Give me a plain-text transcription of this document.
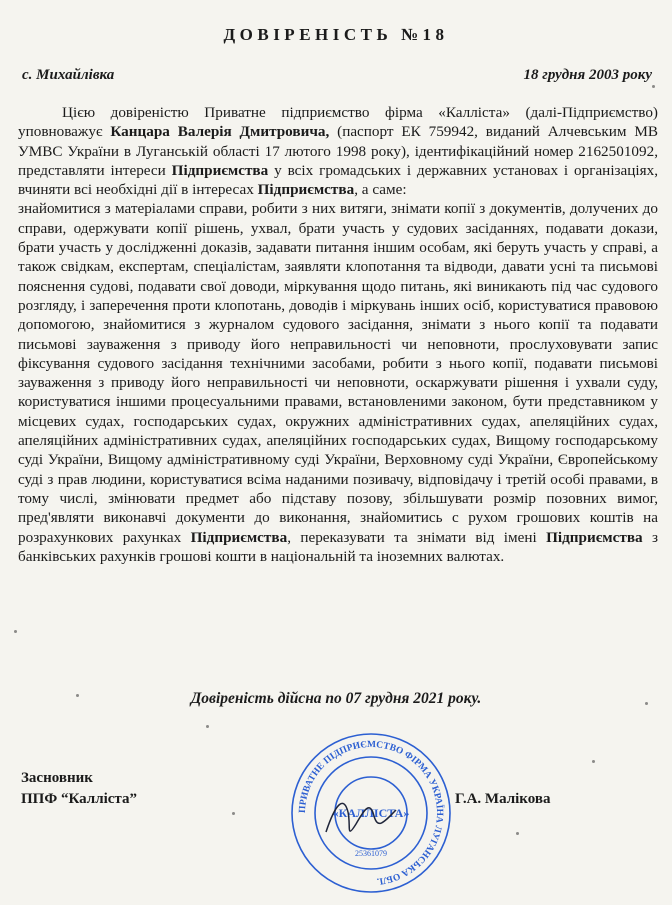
ДОВІРЕНІСТЬ №18
с. Михайлівка	18 грудня 2003 року

Цією довіреністю Приватне підприємство фірма «Каллiста» (далі-Підприємство) уповноважує Канцара Валерія Дмитровича, (паспорт ЕК 759942, виданий Алчевським МВ УМВС України в Луганській області 17 лютого 1998 року), ідентифікаційний номер 2162501092, представляти інтереси Підприємства у всіх громадських і державних установах і організаціях, вчиняти всі необхідні дії в інтересах Підприємства, а саме:

знайомитися з матеріалами справи, робити з них витяги, знімати копії з документів, долучених до справи, одержувати копії рішень, ухвал, брати участь у судових засіданнях, подавати докази, брати участь у дослідженні доказів, задавати питання іншим особам, які беруть участь у справі, а також свідкам, експертам, спеціалістам, заявляти клопотання та відводи, давати усні та письмові пояснення судові, подавати свої доводи, міркування щодо питань, які виникають під час судового розгляду, і заперечення проти клопотань, доводів і міркувань інших осіб, користуватися правовою допомогою, знайомитися з журналом судового засідання, знімати з нього копії та подавати письмові зауваження з приводу його неправильності чи неповноти, прослуховувати запис фіксування судового засідання технічними засобами, робити з нього копії, подавати письмові зауваження з приводу його неправильності чи неповноти, оскаржувати рішення і ухвали суду, користуватися іншими процесуальними правами, встановленими законом, бути представником у місцевих судах, господарських судах, окружних адміністративних судах, апеляційних судах, апеляційних адміністративних судах, апеляційних господарських судах, Вищому господарському суді України, Вищому адміністративному суді України, Верховному суді України, Європейському суді з прав людини, користуватися всіма наданими позивачу, відповідачу і третій особі правами, в тому числі, змінювати предмет або підставу позову, збільшувати розмір позовних вимог, пред'являти виконавчі документи до виконання, знайомитись с рухом грошових коштів на розрахункових рахунках Підприємства, переказувати та знімати від імені Підприємства з банківських рахунків грошові кошти в національній та іноземних валютах.

Довіреність дійсна по 07 грудня 2021 року.
Засновник
ППФ “Каллiста”	Г.А. Малікова
ПРИВАТНЕ ПІДПРИЄМСТВО ФІРМА УКРАЇНА ЛУГАНСЬКА ОБЛ.
«КАЛЛІСТА»
25361079
